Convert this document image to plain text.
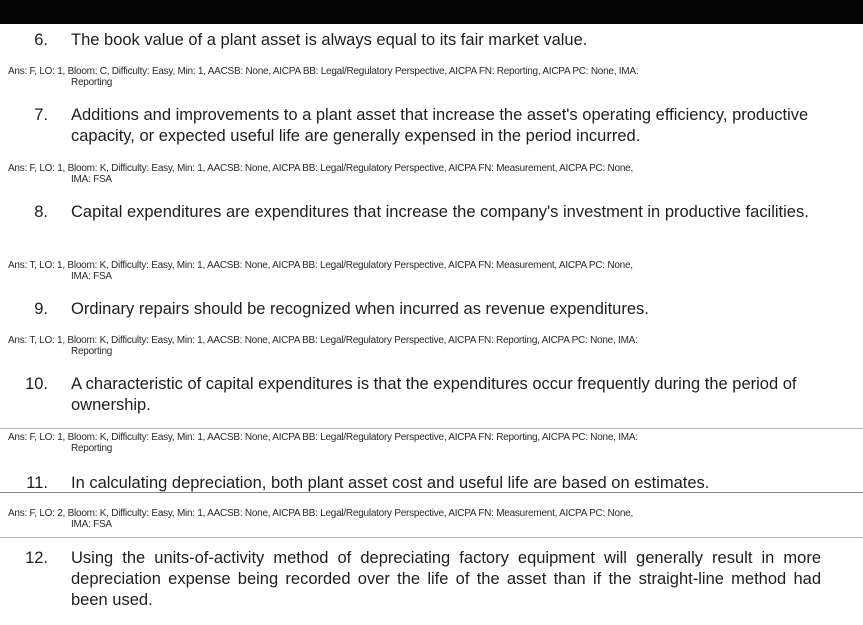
6. The book value of a plant asset is always equal to its fair market value.
Ans: F, LO: 1, Bloom: C, Difficulty: Easy, Min: 1, AACSB: None, AICPA BB: Legal/Regulatory Perspective, AICPA FN: Reporting, AICPA PC: None, IMA:
Reporting
7. Additions and improvements to a plant asset that increase the asset's operating efficiency, productive capacity, or expected useful life are generally expensed in the period incurred.
Ans: F, LO: 1, Bloom: K, Difficulty: Easy, Min: 1, AACSB: None, AICPA BB: Legal/Regulatory Perspective, AICPA FN: Measurement, AICPA PC: None,
IMA: FSA
8. Capital expenditures are expenditures that increase the company's investment in productive facilities.
Ans: T, LO: 1, Bloom: K, Difficulty: Easy, Min: 1, AACSB: None, AICPA BB: Legal/Regulatory Perspective, AICPA FN: Measurement, AICPA PC: None,
IMA: FSA
9. Ordinary repairs should be recognized when incurred as revenue expenditures.
Ans: T, LO: 1, Bloom: K, Difficulty: Easy, Min: 1, AACSB: None, AICPA BB: Legal/Regulatory Perspective, AICPA FN: Reporting, AICPA PC: None, IMA:
Reporting
10. A characteristic of capital expenditures is that the expenditures occur frequently during the period of ownership.
Ans: F, LO: 1, Bloom: K, Difficulty: Easy, Min: 1, AACSB: None, AICPA BB: Legal/Regulatory Perspective, AICPA FN: Reporting, AICPA PC: None, IMA:
Reporting
11. In calculating depreciation, both plant asset cost and useful life are based on estimates.
Ans: F, LO: 2, Bloom: K, Difficulty: Easy, Min: 1, AACSB: None, AICPA BB: Legal/Regulatory Perspective, AICPA FN: Measurement, AICPA PC: None,
IMA: FSA
12. Using the units-of-activity method of depreciating factory equipment will generally result in more depreciation expense being recorded over the life of the asset than if the straight-line method had been used.
